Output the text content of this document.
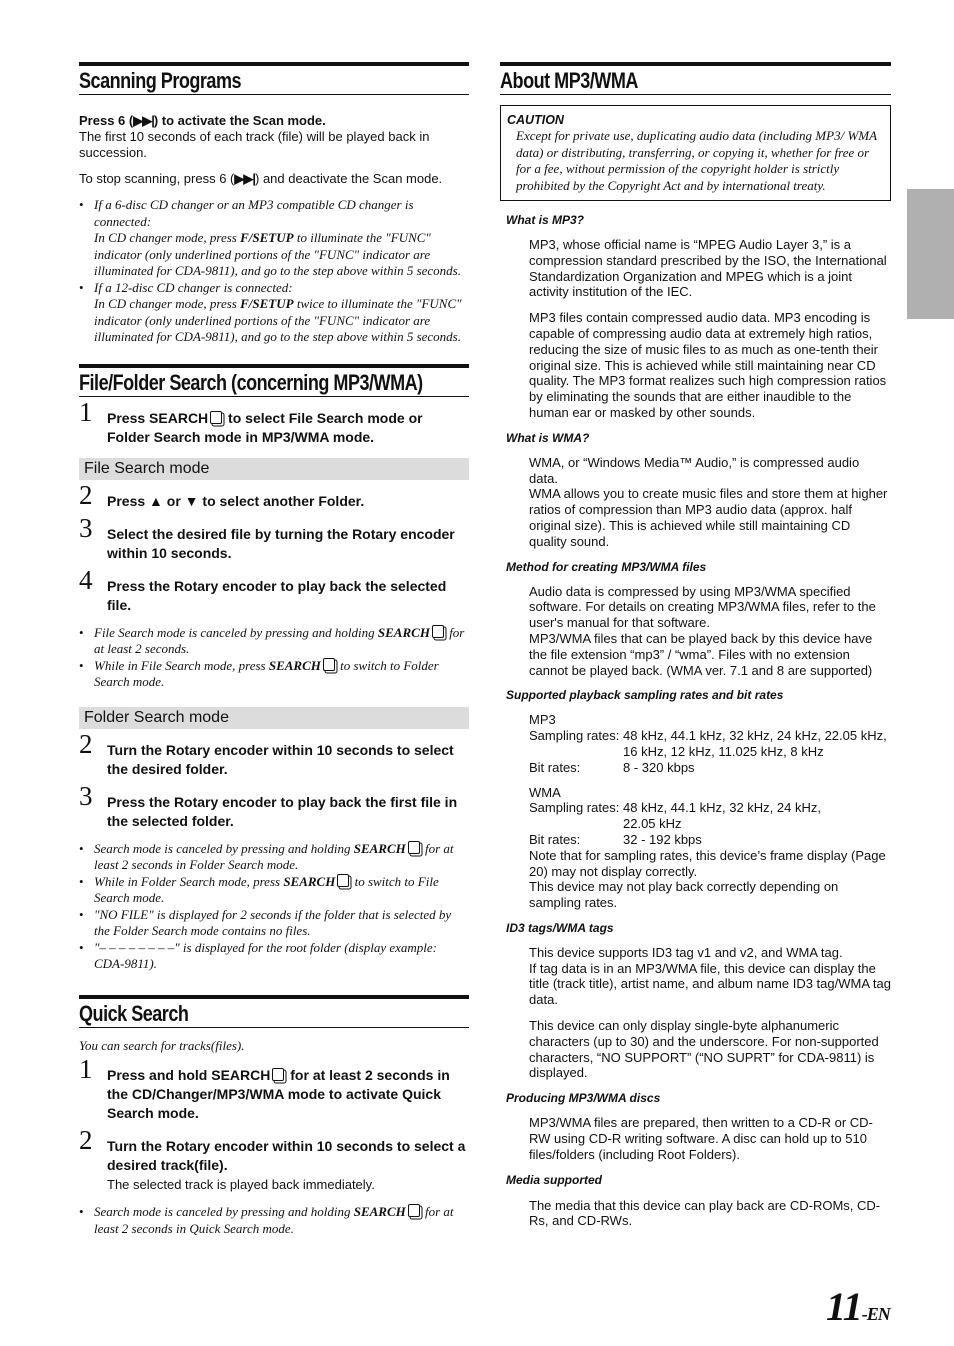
Scanning Programs

Press 6 (▶▶|) to activate the Scan mode.
The first 10 seconds of each track (file) will be played back in succession.

To stop scanning, press 6 (▶▶|) and deactivate the Scan mode.

• If a 6-disc CD changer or an MP3 compatible CD changer is connected:
In CD changer mode, press F/SETUP to illuminate the "FUNC" indicator (only underlined portions of the "FUNC" indicator are illuminated for CDA-9811), and go to the step above within 5 seconds.
• If a 12-disc CD changer is connected:
In CD changer mode, press F/SETUP twice to illuminate the "FUNC" indicator (only underlined portions of the "FUNC" indicator are illuminated for CDA-9811), and go to the step above within 5 seconds.
File/Folder Search (concerning MP3/WMA)
1 Press SEARCH to select File Search mode or Folder Search mode in MP3/WMA mode.
File Search mode
2 Press ▲ or ▼ to select another Folder.
3 Select the desired file by turning the Rotary encoder within 10 seconds.
4 Press the Rotary encoder to play back the selected file.
• File Search mode is canceled by pressing and holding SEARCH for at least 2 seconds.
• While in File Search mode, press SEARCH to switch to Folder Search mode.
Folder Search mode
2 Turn the Rotary encoder within 10 seconds to select the desired folder.
3 Press the Rotary encoder to play back the first file in the selected folder.
• Search mode is canceled by pressing and holding SEARCH for at least 2 seconds in Folder Search mode.
• While in Folder Search mode, press SEARCH to switch to File Search mode.
• "NO FILE" is displayed for 2 seconds if the folder that is selected by the Folder Search mode contains no files.
• "– – – – – – – –" is displayed for the root folder (display example: CDA-9811).
Quick Search

You can search for tracks(files).

1 Press and hold SEARCH for at least 2 seconds in the CD/Changer/MP3/WMA mode to activate Quick Search mode.
2 Turn the Rotary encoder within 10 seconds to select a desired track(file).
The selected track is played back immediately.
• Search mode is canceled by pressing and holding SEARCH for at least 2 seconds in Quick Search mode.
About MP3/WMA
CAUTION
Except for private use, duplicating audio data (including MP3/ WMA data) or distributing, transferring, or copying it, whether for free or for a fee, without permission of the copyright holder is strictly prohibited by the Copyright Act and by international treaty.
What is MP3?

MP3, whose official name is “MPEG Audio Layer 3,” is a compression standard prescribed by the ISO, the International Standardization Organization and MPEG which is a joint activity institution of the IEC.

MP3 files contain compressed audio data. MP3 encoding is capable of compressing audio data at extremely high ratios, reducing the size of music files to as much as one-tenth their original size. This is achieved while still maintaining near CD quality. The MP3 format realizes such high compression ratios by eliminating the sounds that are either inaudible to the human ear or masked by other sounds.

What is WMA?

WMA, or “Windows Media™ Audio,” is compressed audio data.

WMA allows you to create music files and store them at higher ratios of compression than MP3 audio data (approx. half original size). This is achieved while still maintaining CD quality sound.

Method for creating MP3/WMA files

Audio data is compressed by using MP3/WMA specified software. For details on creating MP3/WMA files, refer to the user's manual for that software.

MP3/WMA files that can be played back by this device have the file extension “mp3” / “wma”. Files with no extension cannot be played back. (WMA ver. 7.1 and 8 are supported)

Supported playback sampling rates and bit rates
MP3
Sampling rates: 48 kHz, 44.1 kHz, 32 kHz, 24 kHz, 22.05 kHz,
16 kHz, 12 kHz, 11.025 kHz, 8 kHz
Bit rates:	8 - 320 kbps
WMA
Sampling rates: 48 kHz, 44.1 kHz, 32 kHz, 24 kHz,
22.05 kHz
Bit rates:	32 - 192 kbps
Note that for sampling rates, this device’s frame display (Page 20) may not display correctly.
This device may not play back correctly depending on sampling rates.
ID3 tags/WMA tags

This device supports ID3 tag v1 and v2, and WMA tag.

If tag data is in an MP3/WMA file, this device can display the title (track title), artist name, and album name ID3 tag/WMA tag data.

This device can only display single-byte alphanumeric characters (up to 30) and the underscore. For non-supported characters, “NO SUPPORT” (“NO SUPRT” for CDA-9811) is displayed.

Producing MP3/WMA discs

MP3/WMA files are prepared, then written to a CD-R or CD-RW using CD-R writing software. A disc can hold up to 510 files/folders (including Root Folders).

Media supported

The media that this device can play back are CD-ROMs, CD-Rs, and CD-RWs.

11-EN
